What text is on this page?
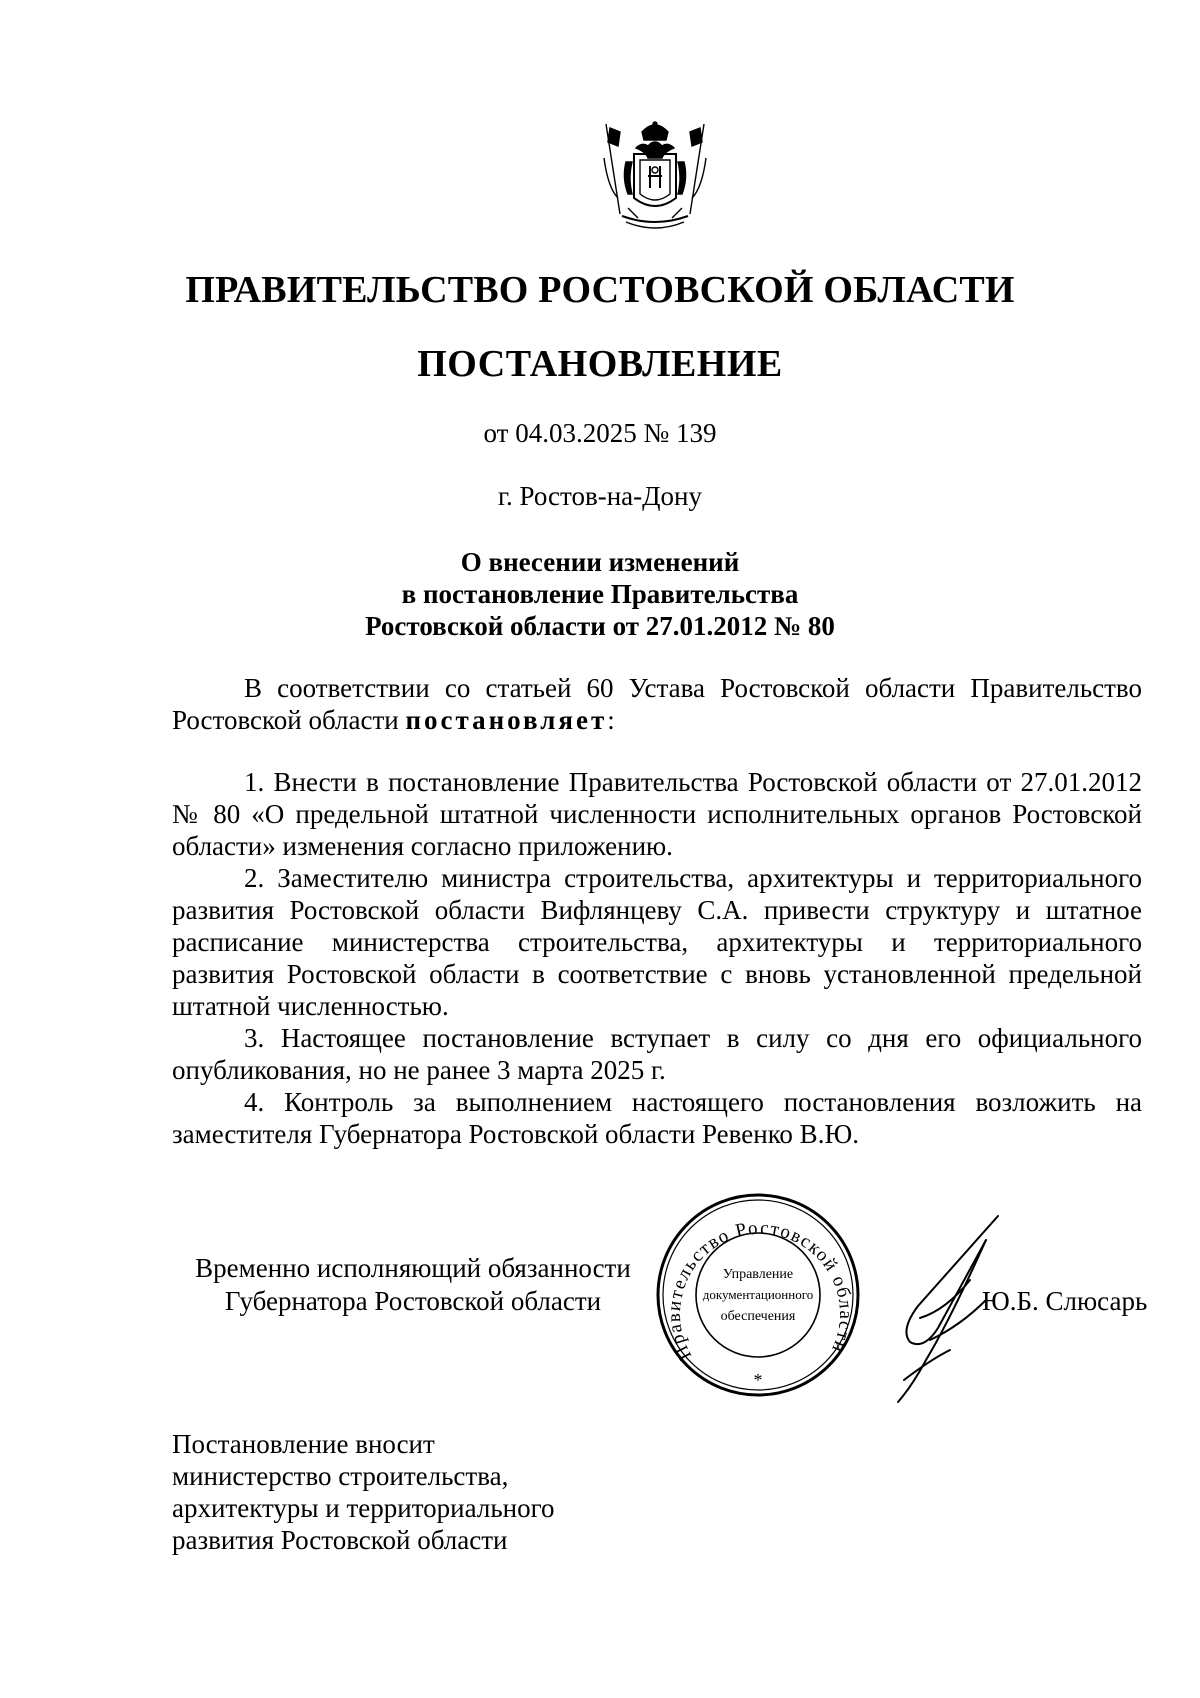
ПРАВИТЕЛЬСТВО РОСТОВСКОЙ ОБЛАСТИ
ПОСТАНОВЛЕНИЕ
от 04.03.2025 № 139
г. Ростов-на-Дону
О внесении изменений
в постановление Правительства
Ростовской области от 27.01.2012 № 80

В соответствии со статьей 60 Устава Ростовской области Правительство Ростовской области постановляет:

1. Внести в постановление Правительства Ростовской области от 27.01.2012 № 80 «О предельной штатной численности исполнительных органов Ростовской области» изменения согласно приложению.

2. Заместителю министра строительства, архитектуры и территориального развития Ростовской области Вифлянцеву С.А. привести структуру и штатное расписание министерства строительства, архитектуры и территориального развития Ростовской области в соответствие с вновь установленной предельной штатной численностью.

3. Настоящее постановление вступает в силу со дня его официального опубликования, но не ранее 3 марта 2025 г.

4. Контроль за выполнением настоящего постановления возложить на заместителя Губернатора Ростовской области Ревенко В.Ю.

Временно исполняющий обязанности
Губернатора Ростовской области
Правительство Ростовской области
Управление
документационного
обеспечения
*
Ю.Б. Слюсарь
Постановление вносит
министерство строительства,
архитектуры и территориального
развития Ростовской области
